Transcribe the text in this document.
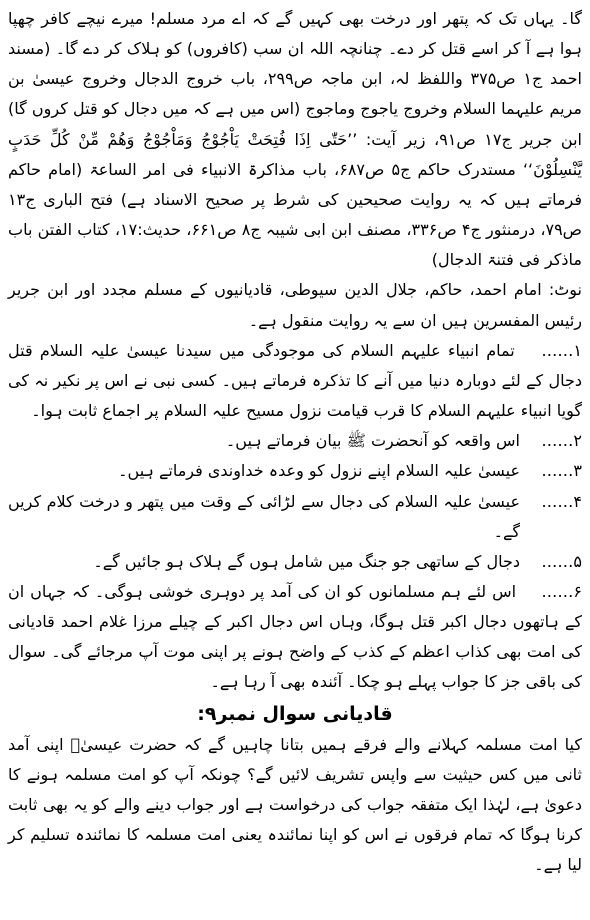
گا۔ یہاں تک کہ پتھر اور درخت بھی کہیں گے کہ اے مرد مسلم! میرے نیچے کافر چھپا ہوا ہے آ کر اسے قتل کر دے۔ چنانچہ اللہ ان سب (کافروں) کو ہلاک کر دے گا۔ (مسند احمد ج۱ ص۳۷۵ واللفظ لہ، ابن ماجہ ص۲۹۹، باب خروج الدجال وخروج عیسیٰ بن مریم علیہما السلام وخروج یاجوج وماجوج (اس میں ہے کہ میں دجال کو قتل کروں گا) ابن جریر ج۱۷ ص۹۱، زیر آیت: ’’حَتّٰی اِذَا فُتِحَتْ یَاْجُوْجُ وَمَاْجُوْجُ وَھُمْ مِّنْ کُلِّ حَدَبٍ یَّنْسِلُوْنَ‘‘ مستدرک حاکم ج۵ ص۶۸۷، باب مذاکرۃ الانبیاء فی امر الساعۃ (امام حاکم فرماتے ہیں کہ یہ روایت صحیحین کی شرط پر صحیح الاسناد ہے) فتح الباری ج۱۳ ص۷۹، درمنثور ج۴ ص۳۳۶، مصنف ابن ابی شیبہ ج۸ ص۶۶۱، حدیث:۱۷، کتاب الفتن باب ماذکر فی فتنۃ الدجال)

نوٹ: امام احمد، حاکم، جلال الدین سیوطی، قادیانیوں کے مسلم مجدد اور ابن جریر رئیس المفسرین ہیں ان سے یہ روایت منقول ہے۔

۱…… تمام انبیاء علیہم السلام کی موجودگی میں سیدنا عیسیٰ علیہ السلام قتل دجال کے لئے دوبارہ دنیا میں آنے کا تذکرہ فرماتے ہیں۔ کسی نبی نے اس پر نکیر نہ کی گویا انبیاء علیہم السلام کا قرب قیامت نزول مسیح علیہ السلام پر اجماع ثابت ہوا۔

۲……
اس واقعہ کو آنحضرت ﷺ بیان فرماتے ہیں۔

۳……
عیسیٰ علیہ السلام اپنے نزول کو وعدہ خداوندی فرماتے ہیں۔

۴……
عیسیٰ علیہ السلام کی دجال سے لڑائی کے وقت میں پتھر و درخت کلام کریں گے۔

۵……
دجال کے ساتھی جو جنگ میں شامل ہوں گے ہلاک ہو جائیں گے۔

۶…… اس لئے ہم مسلمانوں کو ان کی آمد پر دوہری خوشی ہوگی۔ کہ جہاں ان کے ہاتھوں دجال اکبر قتل ہوگا، وہاں اس دجال اکبر کے چیلے مرزا غلام احمد قادیانی کی امت بھی کذاب اعظم کے کذب کے واضح ہونے پر اپنی موت آپ مرجائے گی۔ سوال کی باقی جز کا جواب پہلے ہو چکا۔ آئندہ بھی آ رہا ہے۔

قادیانی سوال نمبر۹:

کیا امت مسلمہ کہلانے والے فرقے ہمیں بتانا چاہیں گے کہ حضرت عیسیٰؑ اپنی آمد ثانی میں کس حیثیت سے واپس تشریف لائیں گے؟ چونکہ آپ کو امت مسلمہ ہونے کا دعویٰ ہے، لہٰذا ایک متفقہ جواب کی درخواست ہے اور جواب دینے والے کو یہ بھی ثابت کرنا ہوگا کہ تمام فرقوں نے اس کو اپنا نمائندہ یعنی امت مسلمہ کا نمائندہ تسلیم کر لیا ہے۔
